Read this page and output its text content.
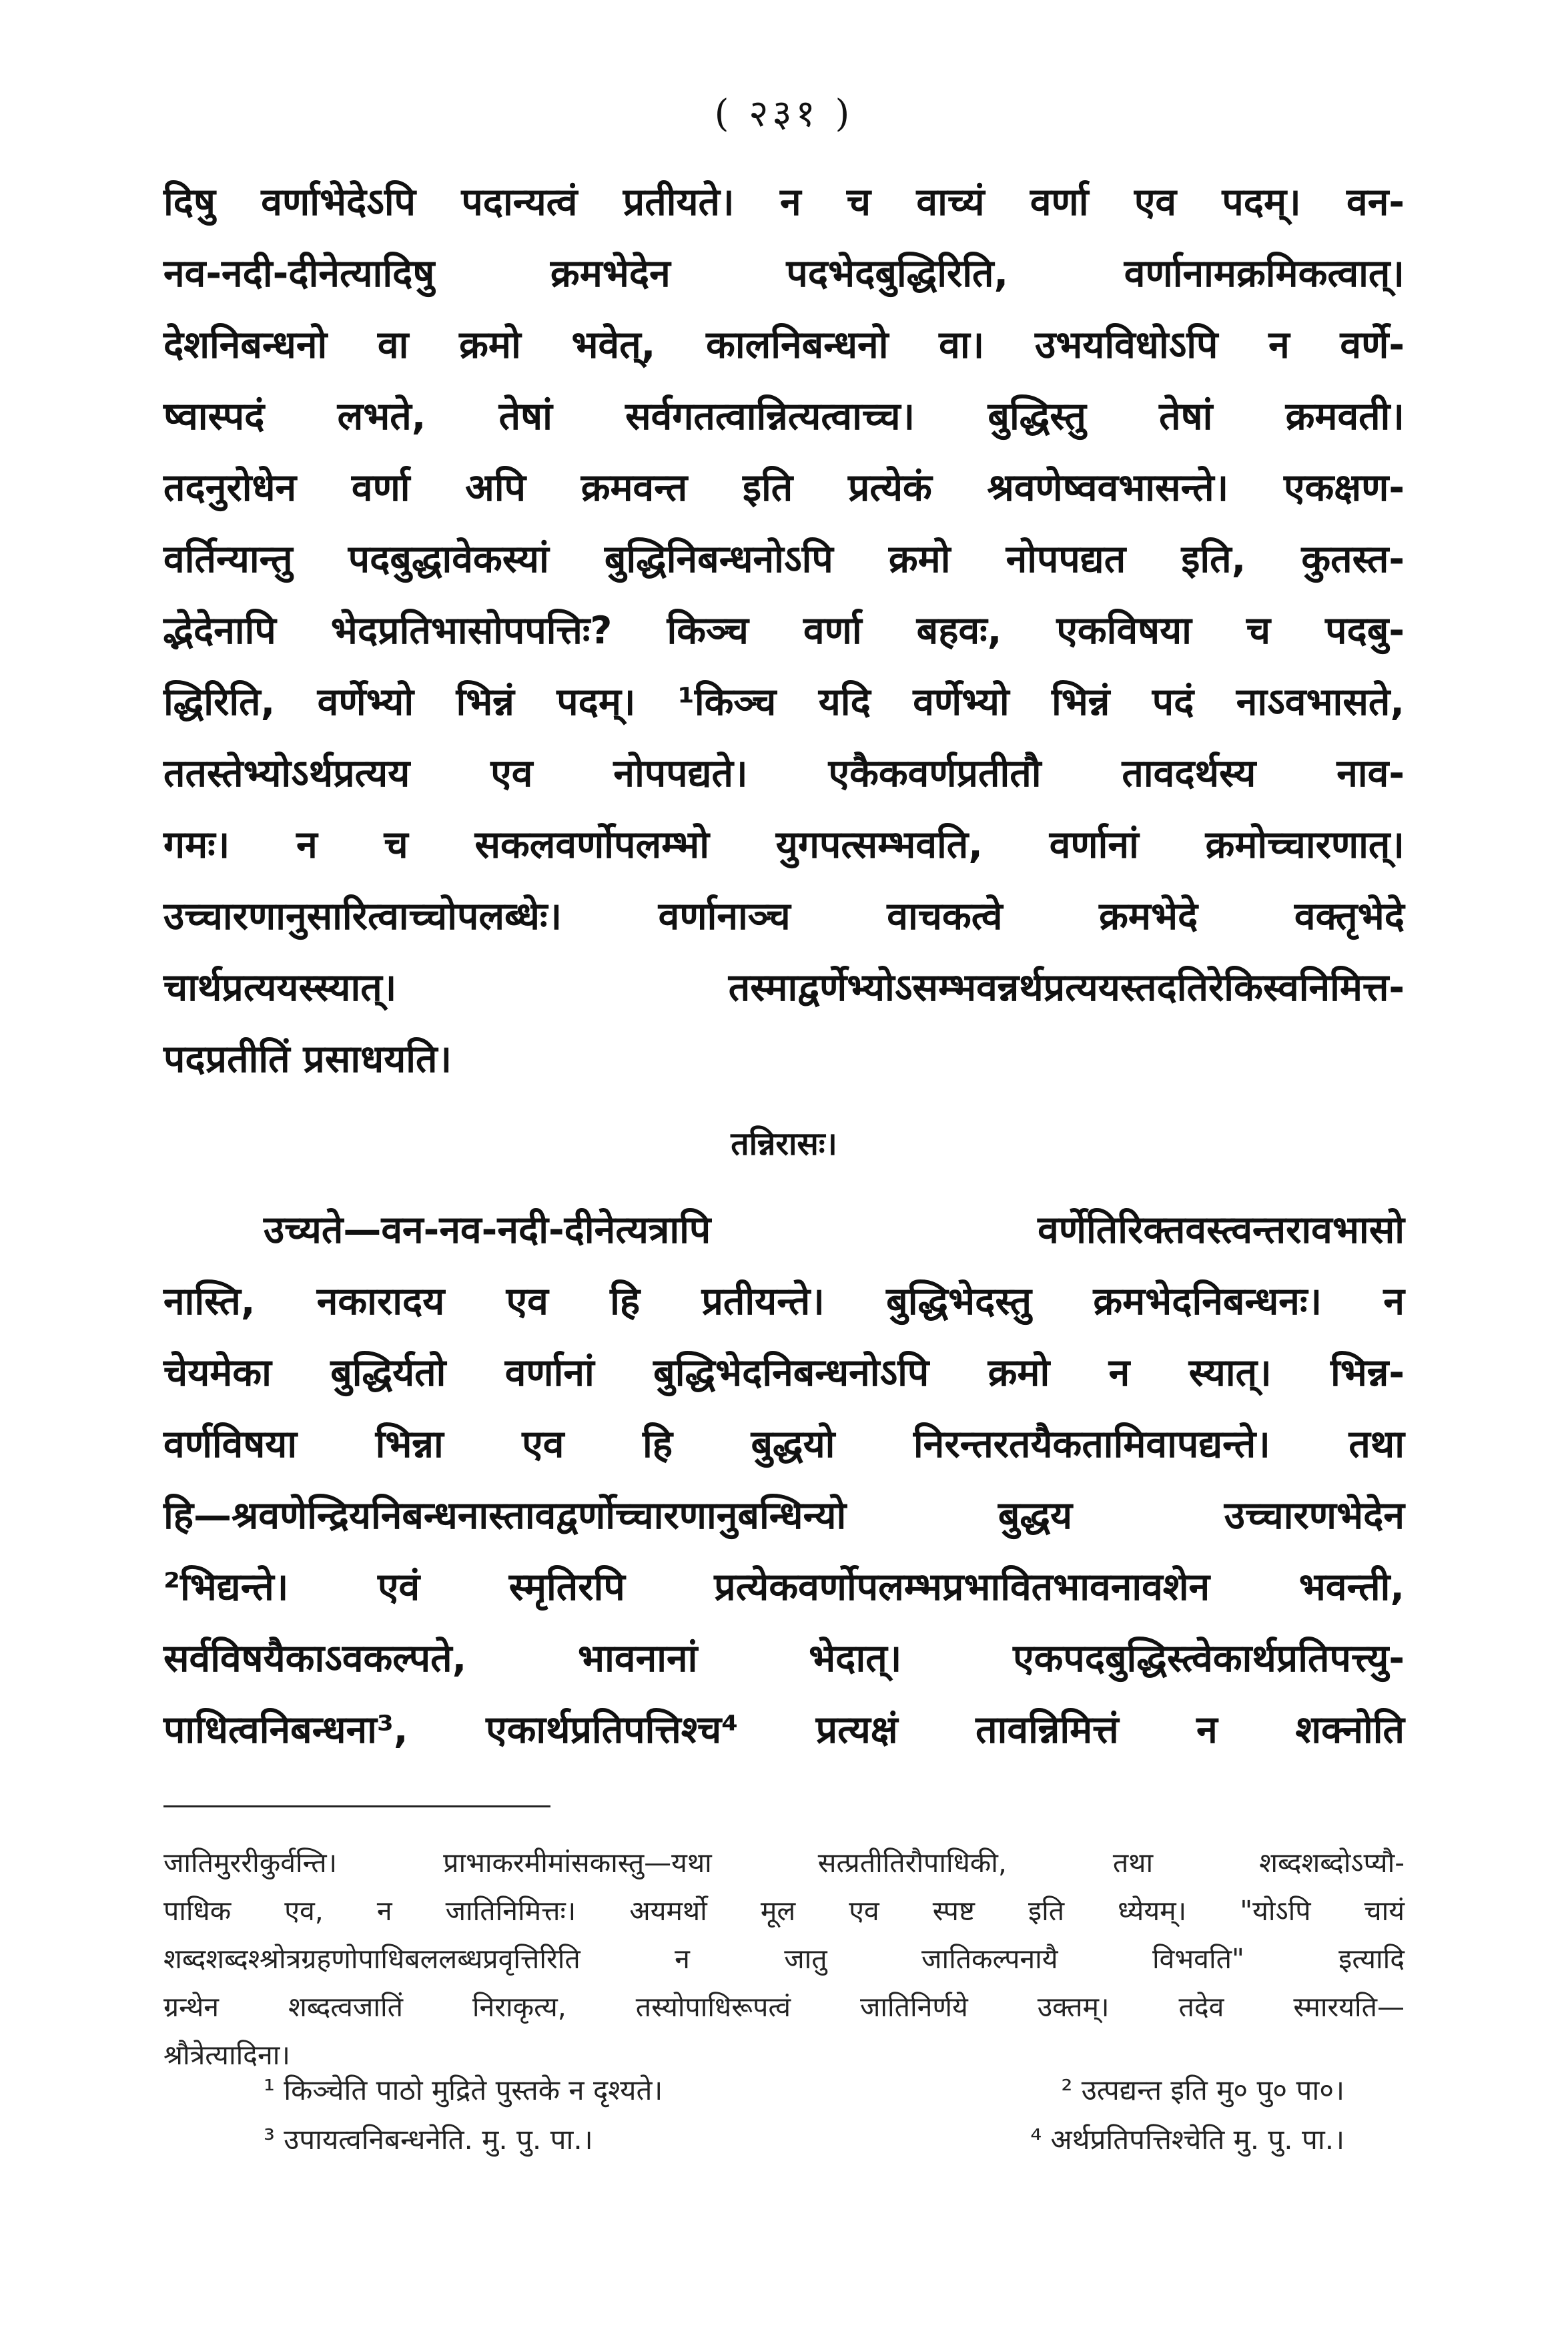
( २३१ )
दिषु वर्णाभेदेऽपि पदान्यत्वं प्रतीयते। न च वाच्यं वर्णा एव पदम्। वन-
नव-नदी-दीनेत्यादिषु क्रमभेदेन पदभेदबुद्धिरिति, वर्णानामक्रमिकत्वात्।
देशनिबन्धनो वा क्रमो भवेत्, कालनिबन्धनो वा। उभयविधोऽपि न वर्णे-
ष्वास्पदं लभते, तेषां सर्वगतत्वान्नित्यत्वाच्च। बुद्धिस्तु तेषां क्रमवती।
तदनुरोधेन वर्णा अपि क्रमवन्त इति प्रत्येकं श्रवणेष्ववभासन्ते। एकक्षण-
वर्तिन्यान्तु पदबुद्धावेकस्यां बुद्धिनिबन्धनोऽपि क्रमो नोपपद्यत इति, कुतस्त-
द्भेदेनापि भेदप्रतिभासोपपत्तिः? किञ्च वर्णा बहवः, एकविषया च पदबु-
द्धिरिति, वर्णेभ्यो भिन्नं पदम्। ¹किञ्च यदि वर्णेभ्यो भिन्नं पदं नाऽवभासते,
ततस्तेभ्योऽर्थप्रत्यय एव नोपपद्यते। एकैकवर्णप्रतीतौ तावदर्थस्य नाव-
गमः। न च सकलवर्णोपलम्भो युगपत्सम्भवति, वर्णानां क्रमोच्चारणात्।
उच्चारणानुसारित्वाच्चोपलब्धेः। वर्णानाञ्च वाचकत्वे क्रमभेदे वक्तृभेदे
चार्थप्रत्ययस्स्यात्। तस्माद्वर्णेभ्योऽसम्भवन्नर्थप्रत्ययस्तदतिरेकिस्वनिमित्त-
पदप्रतीतिं प्रसाधयति।
तन्निरासः।
उच्यते—वन-नव-नदी-दीनेत्यत्रापि वर्णेतिरिक्तवस्त्वन्तरावभासो
नास्ति, नकारादय एव हि प्रतीयन्ते। बुद्धिभेदस्तु क्रमभेदनिबन्धनः। न
चेयमेका बुद्धिर्यतो वर्णानां बुद्धिभेदनिबन्धनोऽपि क्रमो न स्यात्। भिन्न-
वर्णविषया भिन्ना एव हि बुद्धयो निरन्तरतयैकतामिवापद्यन्ते। तथा
हि—श्रवणेन्द्रियनिबन्धनास्तावद्वर्णोच्चारणानुबन्धिन्यो बुद्धय उच्चारणभेदेन
²भिद्यन्ते। एवं स्मृतिरपि प्रत्येकवर्णोपलम्भप्रभावितभावनावशेन भवन्ती,
सर्वविषयैकाऽवकल्पते, भावनानां भेदात्। एकपदबुद्धिस्त्वेकार्थप्रतिपत्त्यु-
पाधित्वनिबन्धना³, एकार्थप्रतिपत्तिश्च⁴ प्रत्यक्षं तावन्निमित्तं न शक्नोति
जातिमुररीकुर्वन्ति। प्राभाकरमीमांसकास्तु—यथा सत्प्रतीतिरौपाधिकी, तथा शब्दशब्दोऽप्यौ-
पाधिक एव, न जातिनिमित्तः। अयमर्थो मूल एव स्पष्ट इति ध्येयम्। "योऽपि चायं
शब्दशब्दश्श्रोत्रग्रहणोपाधिबललब्धप्रवृत्तिरिति न जातु जातिकल्पनायै विभवति" इत्यादि
ग्रन्थेन शब्दत्वजातिं निराकृत्य, तस्योपाधिरूपत्वं जातिनिर्णये उक्तम्। तदेव स्मारयति—
श्रौत्रेत्यादिना।
¹ किञ्चेति पाठो मुद्रिते पुस्तके न दृश्यते।	² उत्पद्यन्त इति मु० पु० पा०।
³ उपायत्वनिबन्धनेति. मु. पु. पा.।	⁴ अर्थप्रतिपत्तिश्चेति मु. पु. पा.।
